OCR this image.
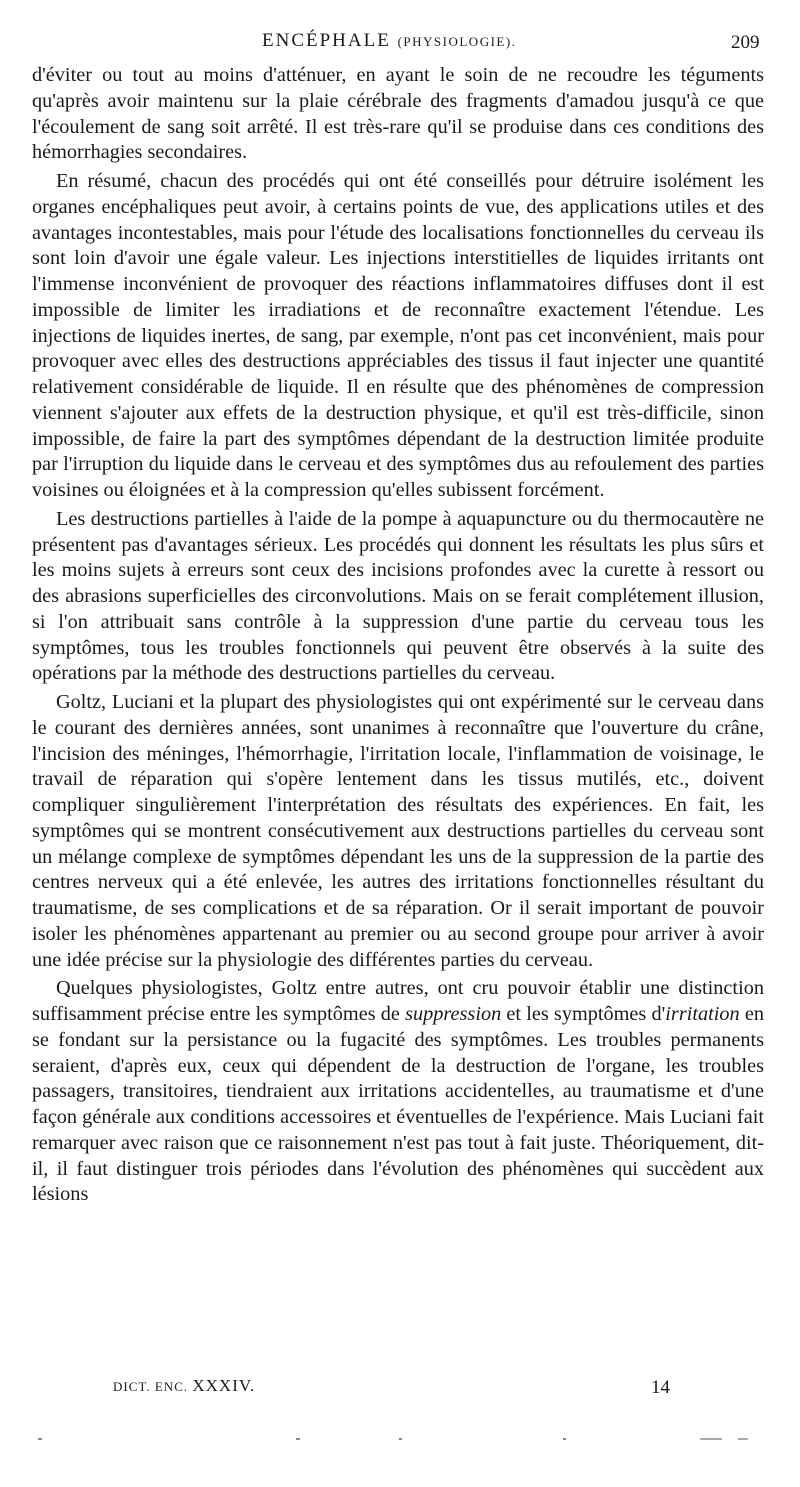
ENCÉPHALE (PHYSIOLOGIE).	209

d'éviter ou tout au moins d'atténuer, en ayant le soin de ne recoudre les téguments qu'après avoir maintenu sur la plaie cérébrale des fragments d'amadou jusqu'à ce que l'écoulement de sang soit arrêté. Il est très-rare qu'il se produise dans ces conditions des hémorrhagies secondaires.

En résumé, chacun des procédés qui ont été conseillés pour détruire isolément les organes encéphaliques peut avoir, à certains points de vue, des applications utiles et des avantages incontestables, mais pour l'étude des localisations fonctionnelles du cerveau ils sont loin d'avoir une égale valeur. Les injections interstitielles de liquides irritants ont l'immense inconvénient de provoquer des réactions inflammatoires diffuses dont il est impossible de limiter les irradiations et de reconnaître exactement l'étendue. Les injections de liquides inertes, de sang, par exemple, n'ont pas cet inconvénient, mais pour provoquer avec elles des destructions appréciables des tissus il faut injecter une quantité relativement considérable de liquide. Il en résulte que des phénomènes de compression viennent s'ajouter aux effets de la destruction physique, et qu'il est très-difficile, sinon impossible, de faire la part des symptômes dépendant de la destruction limitée produite par l'irruption du liquide dans le cerveau et des symptômes dus au refoulement des parties voisines ou éloignées et à la compression qu'elles subissent forcément.

Les destructions partielles à l'aide de la pompe à aquapuncture ou du thermocautère ne présentent pas d'avantages sérieux. Les procédés qui donnent les résultats les plus sûrs et les moins sujets à erreurs sont ceux des incisions profondes avec la curette à ressort ou des abrasions superficielles des circonvolutions. Mais on se ferait complétement illusion, si l'on attribuait sans contrôle à la suppression d'une partie du cerveau tous les symptômes, tous les troubles fonctionnels qui peuvent être observés à la suite des opérations par la méthode des destructions partielles du cerveau.

Goltz, Luciani et la plupart des physiologistes qui ont expérimenté sur le cerveau dans le courant des dernières années, sont unanimes à reconnaître que l'ouverture du crâne, l'incision des méninges, l'hémorrhagie, l'irritation locale, l'inflammation de voisinage, le travail de réparation qui s'opère lentement dans les tissus mutilés, etc., doivent compliquer singulièrement l'interprétation des résultats des expériences. En fait, les symptômes qui se montrent consécutivement aux destructions partielles du cerveau sont un mélange complexe de symptômes dépendant les uns de la suppression de la partie des centres nerveux qui a été enlevée, les autres des irritations fonctionnelles résultant du traumatisme, de ses complications et de sa réparation. Or il serait important de pouvoir isoler les phénomènes appartenant au premier ou au second groupe pour arriver à avoir une idée précise sur la physiologie des différentes parties du cerveau.

Quelques physiologistes, Goltz entre autres, ont cru pouvoir établir une distinction suffisamment précise entre les symptômes de suppression et les symptômes d'irritation en se fondant sur la persistance ou la fugacité des symptômes. Les troubles permanents seraient, d'après eux, ceux qui dépendent de la destruction de l'organe, les troubles passagers, transitoires, tiendraient aux irritations accidentelles, au traumatisme et d'une façon générale aux conditions accessoires et éventuelles de l'expérience. Mais Luciani fait remarquer avec raison que ce raisonnement n'est pas tout à fait juste. Théoriquement, dit-il, il faut distinguer trois périodes dans l'évolution des phénomènes qui succèdent aux lésions

DICT. ENC. XXXIV.	14
